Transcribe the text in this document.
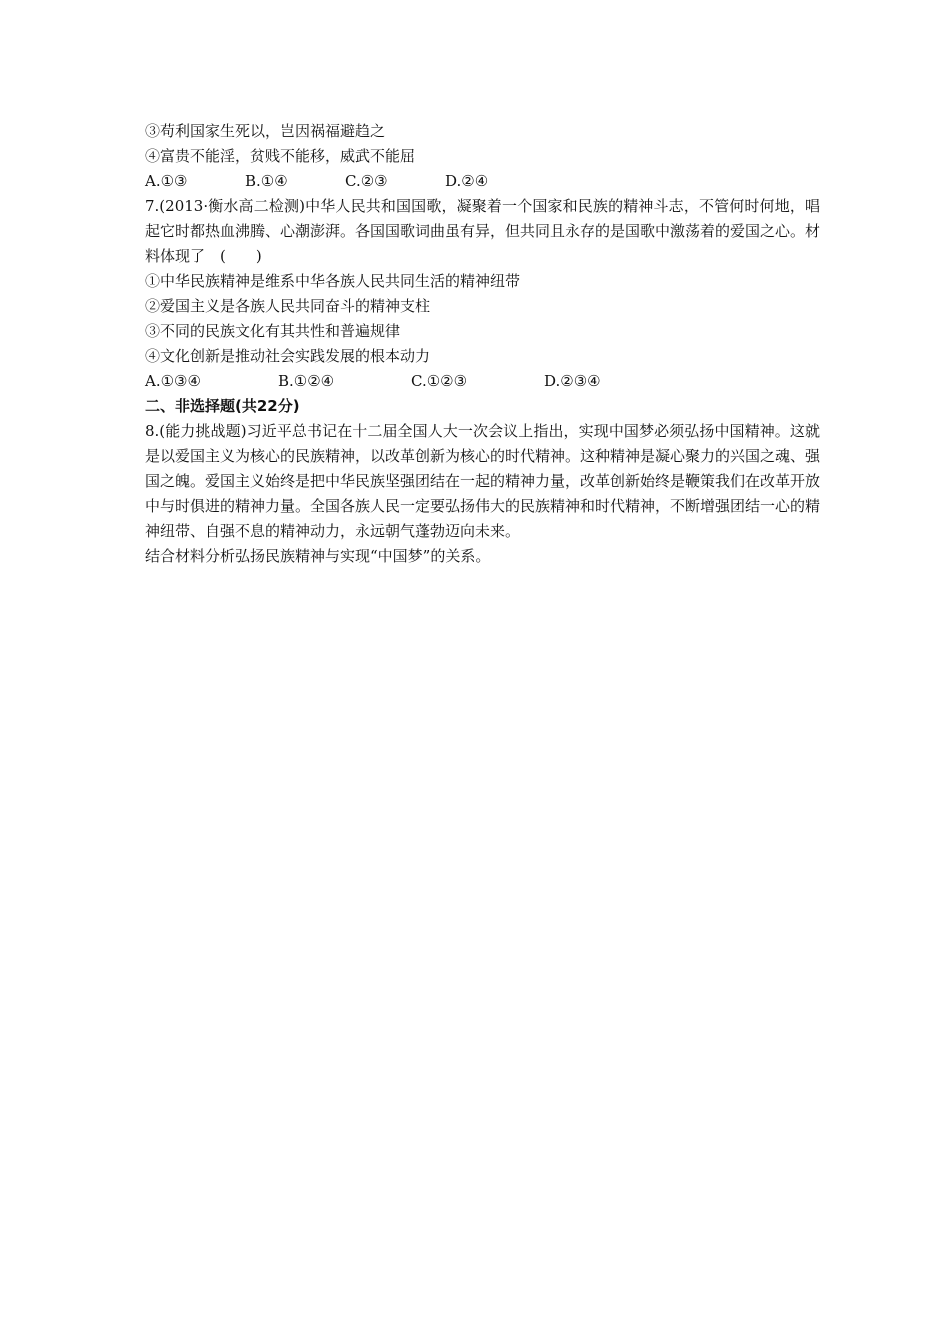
③苟利国家生死以，岂因祸福避趋之
④富贵不能淫，贫贱不能移，威武不能屈
A.①③	B.①④	C.②③	D.②④
7.(2013·衡水高二检测)中华人民共和国国歌，凝聚着一个国家和民族的精神斗志，不管何时何地，唱起它时都热血沸腾、心潮澎湃。各国国歌词曲虽有异，但共同且永存的是国歌中激荡着的爱国之心。材料体现了　(　　)
①中华民族精神是维系中华各族人民共同生活的精神纽带
②爱国主义是各族人民共同奋斗的精神支柱
③不同的民族文化有其共性和普遍规律
④文化创新是推动社会实践发展的根本动力
A.①③④	B.①②④	C.①②③	D.②③④
二、非选择题(共22分)
8.(能力挑战题)习近平总书记在十二届全国人大一次会议上指出，实现中国梦必须弘扬中国精神。这就是以爱国主义为核心的民族精神，以改革创新为核心的时代精神。这种精神是凝心聚力的兴国之魂、强国之魄。爱国主义始终是把中华民族坚强团结在一起的精神力量，改革创新始终是鞭策我们在改革开放中与时俱进的精神力量。全国各族人民一定要弘扬伟大的民族精神和时代精神，不断增强团结一心的精神纽带、自强不息的精神动力，永远朝气蓬勃迈向未来。
结合材料分析弘扬民族精神与实现“中国梦”的关系。
